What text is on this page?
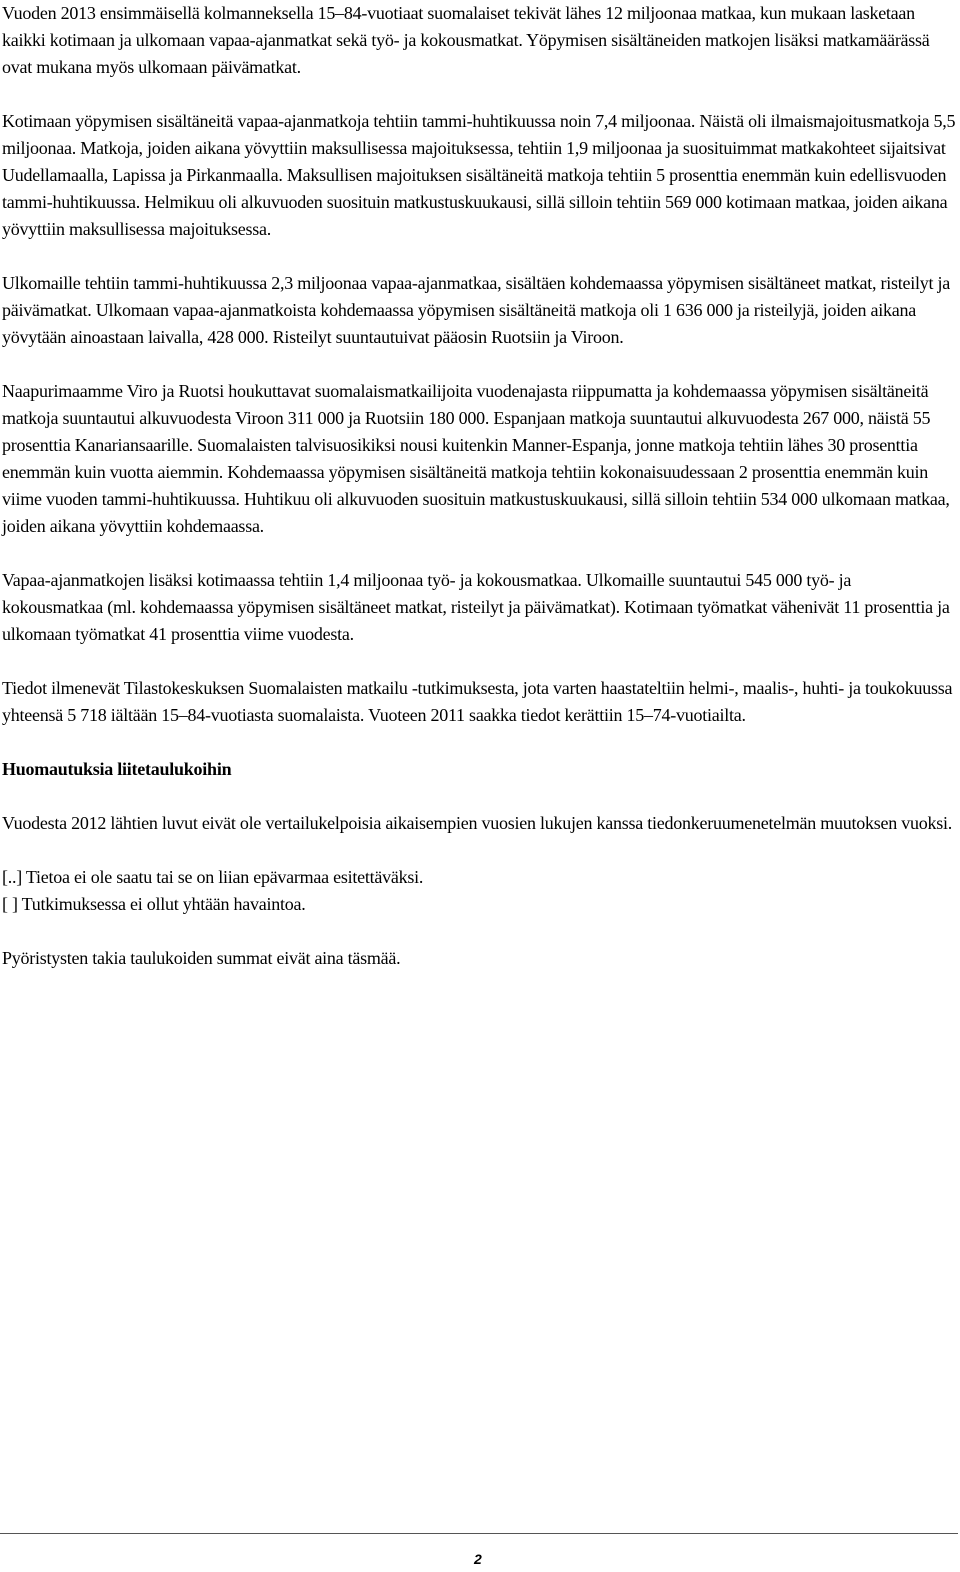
Vuoden 2013 ensimmäisellä kolmanneksella 15–84-vuotiaat suomalaiset tekivät lähes 12 miljoonaa matkaa, kun mukaan lasketaan kaikki kotimaan ja ulkomaan vapaa-ajanmatkat sekä työ- ja kokousmatkat. Yöpymisen sisältäneiden matkojen lisäksi matkamäärässä ovat mukana myös ulkomaan päivämatkat.

Kotimaan yöpymisen sisältäneitä vapaa-ajanmatkoja tehtiin tammi-huhtikuussa noin 7,4 miljoonaa. Näistä oli ilmaismajoitusmatkoja 5,5 miljoonaa. Matkoja, joiden aikana yövyttiin maksullisessa majoituksessa, tehtiin 1,9 miljoonaa ja suosituimmat matkakohteet sijaitsivat Uudellamaalla, Lapissa ja Pirkanmaalla. Maksullisen majoituksen sisältäneitä matkoja tehtiin 5 prosenttia enemmän kuin edellisvuoden tammi-huhtikuussa. Helmikuu oli alkuvuoden suosituin matkustuskuukausi, sillä silloin tehtiin 569 000 kotimaan matkaa, joiden aikana yövyttiin maksullisessa majoituksessa.

Ulkomaille tehtiin tammi-huhtikuussa 2,3 miljoonaa vapaa-ajanmatkaa, sisältäen kohdemaassa yöpymisen sisältäneet matkat, risteilyt ja päivämatkat. Ulkomaan vapaa-ajanmatkoista kohdemaassa yöpymisen sisältäneitä matkoja oli 1 636 000 ja risteilyjä, joiden aikana yövytään ainoastaan laivalla, 428 000. Risteilyt suuntautuivat pääosin Ruotsiin ja Viroon.

Naapurimaamme Viro ja Ruotsi houkuttavat suomalaismatkailijoita vuodenajasta riippumatta ja kohdemaassa yöpymisen sisältäneitä matkoja suuntautui alkuvuodesta Viroon 311 000 ja Ruotsiin 180 000. Espanjaan matkoja suuntautui alkuvuodesta 267 000, näistä 55 prosenttia Kanariansaarille. Suomalaisten talvisuosikiksi nousi kuitenkin Manner-Espanja, jonne matkoja tehtiin lähes 30 prosenttia enemmän kuin vuotta aiemmin. Kohdemaassa yöpymisen sisältäneitä matkoja tehtiin kokonaisuudessaan 2 prosenttia enemmän kuin viime vuoden tammi-huhtikuussa. Huhtikuu oli alkuvuoden suosituin matkustuskuukausi, sillä silloin tehtiin 534 000 ulkomaan matkaa, joiden aikana yövyttiin kohdemaassa.

Vapaa-ajanmatkojen lisäksi kotimaassa tehtiin 1,4 miljoonaa työ- ja kokousmatkaa. Ulkomaille suuntautui 545 000 työ- ja kokousmatkaa (ml. kohdemaassa yöpymisen sisältäneet matkat, risteilyt ja päivämatkat). Kotimaan työmatkat vähenivät 11 prosenttia ja ulkomaan työmatkat 41 prosenttia viime vuodesta.

Tiedot ilmenevät Tilastokeskuksen Suomalaisten matkailu -tutkimuksesta, jota varten haastateltiin helmi-, maalis-, huhti- ja toukokuussa yhteensä 5 718 iältään 15–84-vuotiasta suomalaista. Vuoteen 2011 saakka tiedot kerättiin 15–74-vuotiailta.

Huomautuksia liitetaulukoihin

Vuodesta 2012 lähtien luvut eivät ole vertailukelpoisia aikaisempien vuosien lukujen kanssa tiedonkeruumenetelmän muutoksen vuoksi.

[..] Tietoa ei ole saatu tai se on liian epävarmaa esitettäväksi.

[ ] Tutkimuksessa ei ollut yhtään havaintoa.

Pyöristysten takia taulukoiden summat eivät aina täsmää.

2
